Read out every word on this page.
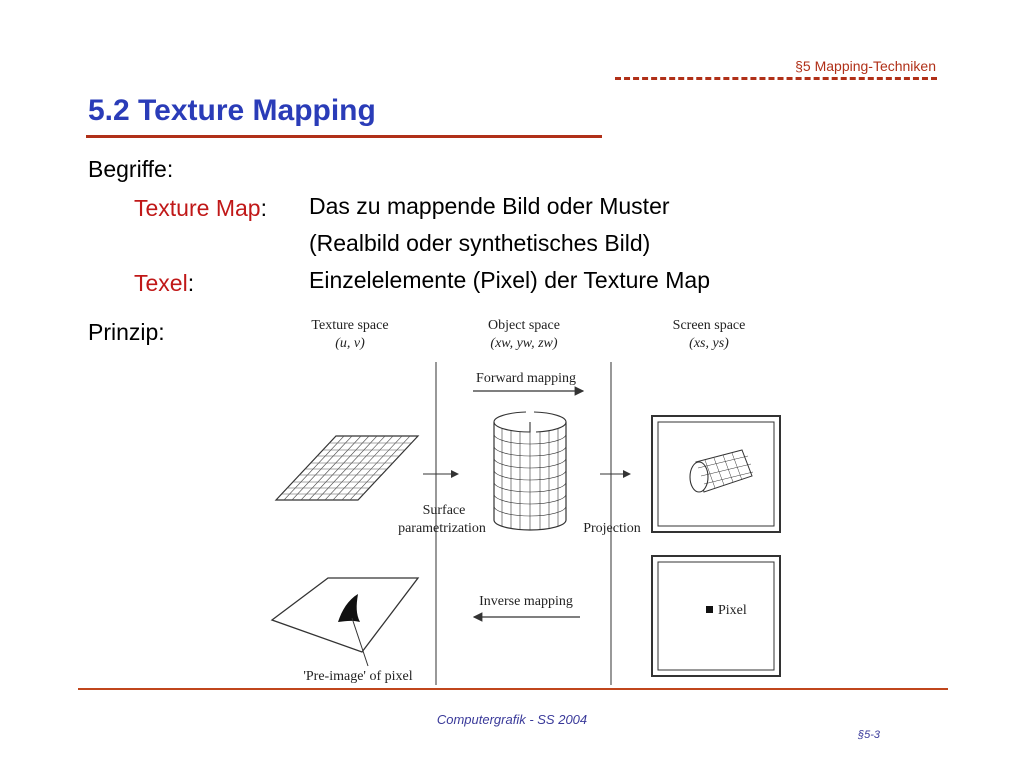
§5 Mapping-Techniken
5.2 Texture Mapping
Begriffe:
Texture Map: Das zu mappende Bild oder Muster
(Realbild oder synthetisches Bild)
Texel:	Einzelelemente (Pixel) der Texture Map
Prinzip:	Texture space
(u, v)
Object space
(xw, yw, zw)
Screen space
Forward mapping
Surface
parametrization	Projection
Inverse mapping
'Pre-image' of pixel
Pixel
(xs, ys)
Computergrafik - SS 2004
§5-3
